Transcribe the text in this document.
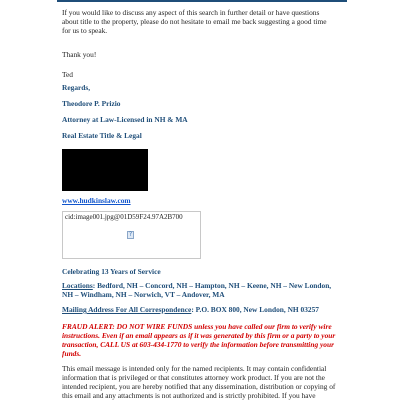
If you would like to discuss any aspect of this search in further detail or have questions
about title to the property, please do not hesitate to email me back suggesting a good time
for us to speak.
Thank you!
Ted
Regards,
Theodore P. Prizio
Attorney at Law-Licensed in NH & MA
Real Estate Title & Legal
www.hudkinslaw.com
cid:image001.jpg@01D59F24.97A2B700
?
Celebrating 13 Years of Service
Locations: Bedford, NH – Concord, NH – Hampton, NH – Keene, NH – New London,
NH – Windham, NH – Norwich, VT – Andover, MA
Mailing Address For All Correspondence: P.O. BOX 800, New London, NH 03257
FRAUD ALERT: DO NOT WIRE FUNDS unless you have called our firm to verify wire
instructions. Even if an email appears as if it was generated by this firm or a party to your
transaction, CALL US at 603-434-1770 to verify the information before transmitting your
funds.
This email message is intended only for the named recipients. It may contain confidential
information that is privileged or that constitutes attorney work product. If you are not the
intended recipient, you are hereby notified that any dissemination, distribution or copying of
this email and any attachments is not authorized and is strictly prohibited. If you have
